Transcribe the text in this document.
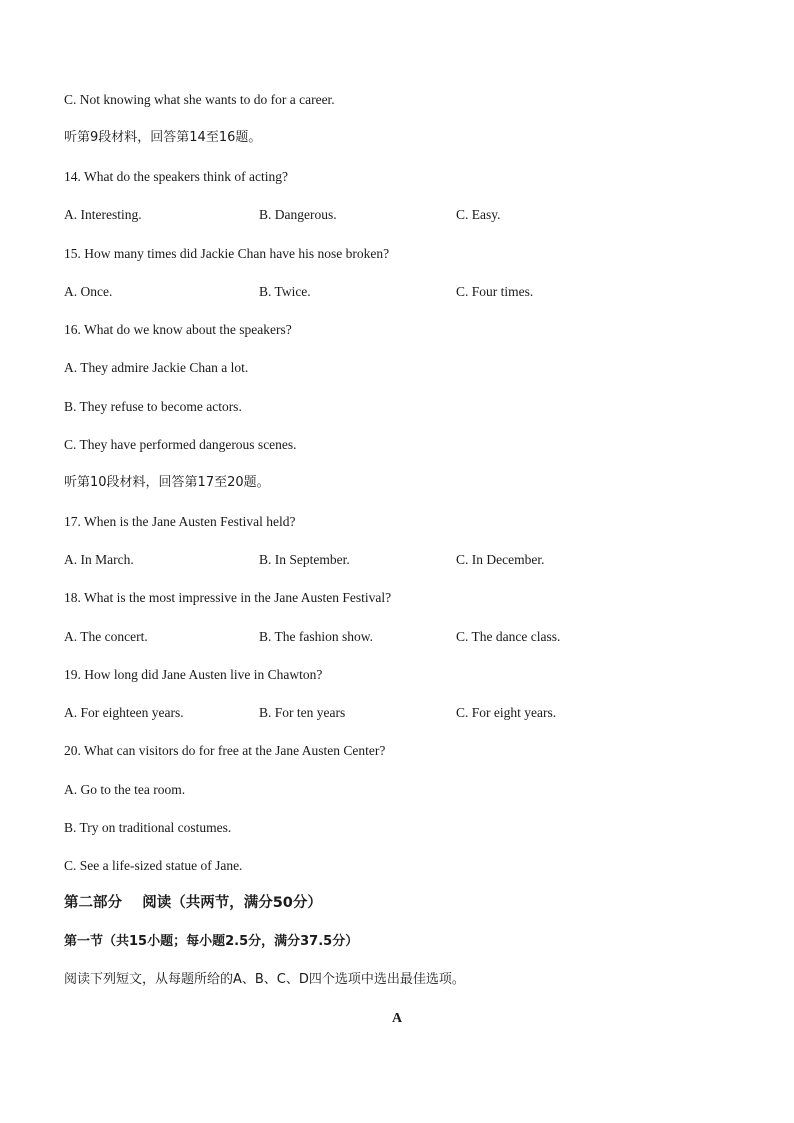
C. Not knowing what she wants to do for a career.
听第9段材料，回答第14至16题。
14. What do the speakers think of acting?
A. Interesting.	B. Dangerous.	C. Easy.
15. How many times did Jackie Chan have his nose broken?
A. Once.	B. Twice.	C. Four times.
16. What do we know about the speakers?
A. They admire Jackie Chan a lot.
B. They refuse to become actors.
C. They have performed dangerous scenes.
听第10段材料，回答第17至20题。
17. When is the Jane Austen Festival held?
A. In March.	B. In September.	C. In December.
18. What is the most impressive in the Jane Austen Festival?
A. The concert.	B. The fashion show.	C. The dance class.
19. How long did Jane Austen live in Chawton?
A. For eighteen years.	B. For ten years	C. For eight years.
20. What can visitors do for free at the Jane Austen Center?
A. Go to the tea room.
B. Try on traditional costumes.
C. See a life-sized statue of Jane.
第二部分    阅读（共两节，满分50分）
第一节（共15小题；每小题2.5分，满分37.5分）
阅读下列短文，从每题所给的A、B、C、D四个选项中选出最佳选项。
A
